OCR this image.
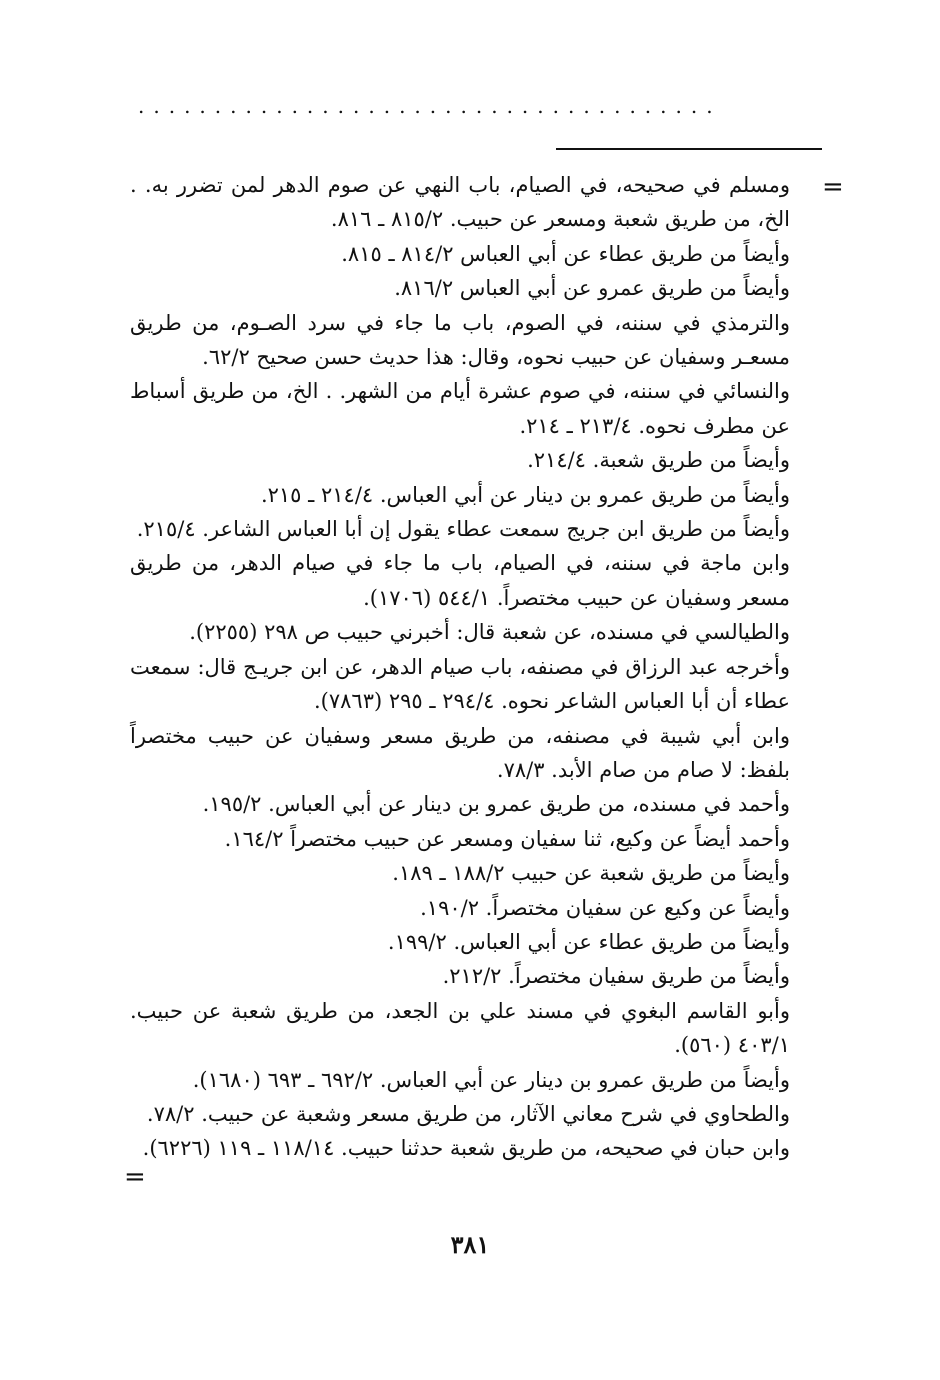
......................................
=

ومسلم في صحيحه، في الصيام، باب النهي عن صوم الدهر لمن تضرر به. . الخ، من طريق شعبة ومسعر عن حبيب. ٨١٥/٢ ـ ٨١٦.

وأيضاً من طريق عطاء عن أبي العباس ٨١٤/٢ ـ ٨١٥.

وأيضاً من طريق عمرو عن أبي العباس ٨١٦/٢.

والترمذي في سننه، في الصوم، باب ما جاء في سرد الصـوم، من طريق مسعـر وسفيان عن حبيب نحوه، وقال: هذا حديث حسن صحيح ٦٢/٢.

والنسائي في سننه، في صوم عشرة أيام من الشهر. . الخ، من طريق أسباط عن مطرف نحوه. ٢١٣/٤ ـ ٢١٤.

وأيضاً من طريق شعبة. ٢١٤/٤.

وأيضاً من طريق عمرو بن دينار عن أبي العباس. ٢١٤/٤ ـ ٢١٥.

وأيضاً من طريق ابن جريج سمعت عطاء يقول إن أبا العباس الشاعر. ٢١٥/٤.

وابن ماجة في سننه، في الصيام، باب ما جاء في صيام الدهر، من طريق مسعر وسفيان عن حبيب مختصراً. ٥٤٤/١ (١٧٠٦).

والطيالسي في مسنده، عن شعبة قال: أخبرني حبيب ص ٢٩٨ (٢٢٥٥).

وأخرجه عبد الرزاق في مصنفه، باب صيام الدهر، عن ابن جريـج قال: سمعت عطاء أن أبا العباس الشاعر نحوه. ٢٩٤/٤ ـ ٢٩٥ (٧٨٦٣).

وابن أبي شيبة في مصنفه، من طريق مسعر وسفيان عن حبيب مختصراً بلفظ: لا صام من صام الأبد. ٧٨/٣.

وأحمد في مسنده، من طريق عمرو بن دينار عن أبي العباس. ١٩٥/٢.

وأحمد أيضاً عن وكيع، ثنا سفيان ومسعر عن حبيب مختصراً ١٦٤/٢.

وأيضاً من طريق شعبة عن حبيب ١٨٨/٢ ـ ١٨٩.

وأيضاً عن وكيع عن سفيان مختصراً. ١٩٠/٢.

وأيضاً من طريق عطاء عن أبي العباس. ١٩٩/٢.

وأيضاً من طريق سفيان مختصراً. ٢١٢/٢.

وأبو القاسم البغوي في مسند علي بن الجعد، من طريق شعبة عن حبيب. ٤٠٣/١ (٥٦٠).

وأيضاً من طريق عمرو بن دينار عن أبي العباس. ٦٩٢/٢ ـ ٦٩٣ (١٦٨٠).

والطحاوي في شرح معاني الآثار، من طريق مسعر وشعبة عن حبيب. ٧٨/٢.

وابن حبان في صحيحه، من طريق شعبة حدثنا حبيب. ١١٨/١٤ ـ ١١٩ (٦٢٢٦).

=
٣٨١
